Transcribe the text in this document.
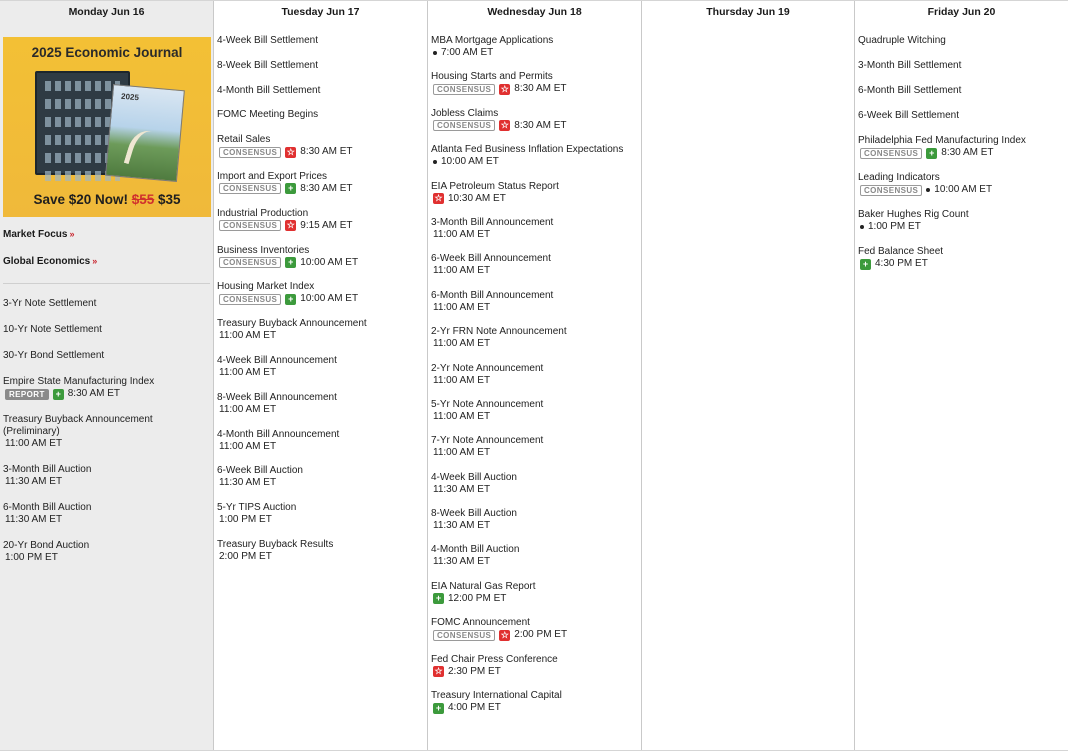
Monday Jun 16
2025 Economic Journal
2025
Save $20 Now! $55 $35
Market Focus »
Global Economics »
3-Yr Note Settlement
10-Yr Note Settlement
30-Yr Bond Settlement
Empire State Manufacturing Index
REPORT	+ 8:30 AM ET
Treasury Buyback Announcement (Preliminary)
11:00 AM ET
3-Month Bill Auction
11:30 AM ET
6-Month Bill Auction
11:30 AM ET
20-Yr Bond Auction
1:00 PM ET
Tuesday Jun 17
4-Week Bill Settlement
8-Week Bill Settlement
4-Month Bill Settlement
FOMC Meeting Begins
Retail Sales
CONSENSUS	☆ 8:30 AM ET
Import and Export Prices
CONSENSUS	+ 8:30 AM ET
Industrial Production
CONSENSUS	☆ 9:15 AM ET
Business Inventories
CONSENSUS	+ 10:00 AM ET
Housing Market Index
CONSENSUS	+ 10:00 AM ET
Treasury Buyback Announcement
11:00 AM ET
4-Week Bill Announcement
11:00 AM ET
8-Week Bill Announcement
11:00 AM ET
4-Month Bill Announcement
11:00 AM ET
6-Week Bill Auction
11:30 AM ET
5-Yr TIPS Auction
1:00 PM ET
Treasury Buyback Results
2:00 PM ET
Wednesday Jun 18
MBA Mortgage Applications
7:00 AM ET
Housing Starts and Permits
CONSENSUS	☆ 8:30 AM ET
Jobless Claims
CONSENSUS	☆ 8:30 AM ET
Atlanta Fed Business Inflation Expectations
10:00 AM ET
EIA Petroleum Status Report
☆ 10:30 AM ET
3-Month Bill Announcement
11:00 AM ET
6-Week Bill Announcement
11:00 AM ET
6-Month Bill Announcement
11:00 AM ET
2-Yr FRN Note Announcement
11:00 AM ET
2-Yr Note Announcement
11:00 AM ET
5-Yr Note Announcement
11:00 AM ET
7-Yr Note Announcement
11:00 AM ET
4-Week Bill Auction
11:30 AM ET
8-Week Bill Auction
11:30 AM ET
4-Month Bill Auction
11:30 AM ET
EIA Natural Gas Report
+ 12:00 PM ET
FOMC Announcement
CONSENSUS	☆ 2:00 PM ET
Fed Chair Press Conference
☆ 2:30 PM ET
Treasury International Capital
+ 4:00 PM ET
Thursday Jun 19	Friday Jun 20
Quadruple Witching
3-Month Bill Settlement
6-Month Bill Settlement
6-Week Bill Settlement
Philadelphia Fed Manufacturing Index
CONSENSUS	+ 8:30 AM ET
Leading Indicators
CONSENSUS	10:00 AM ET
Baker Hughes Rig Count
1:00 PM ET
Fed Balance Sheet
+ 4:30 PM ET
